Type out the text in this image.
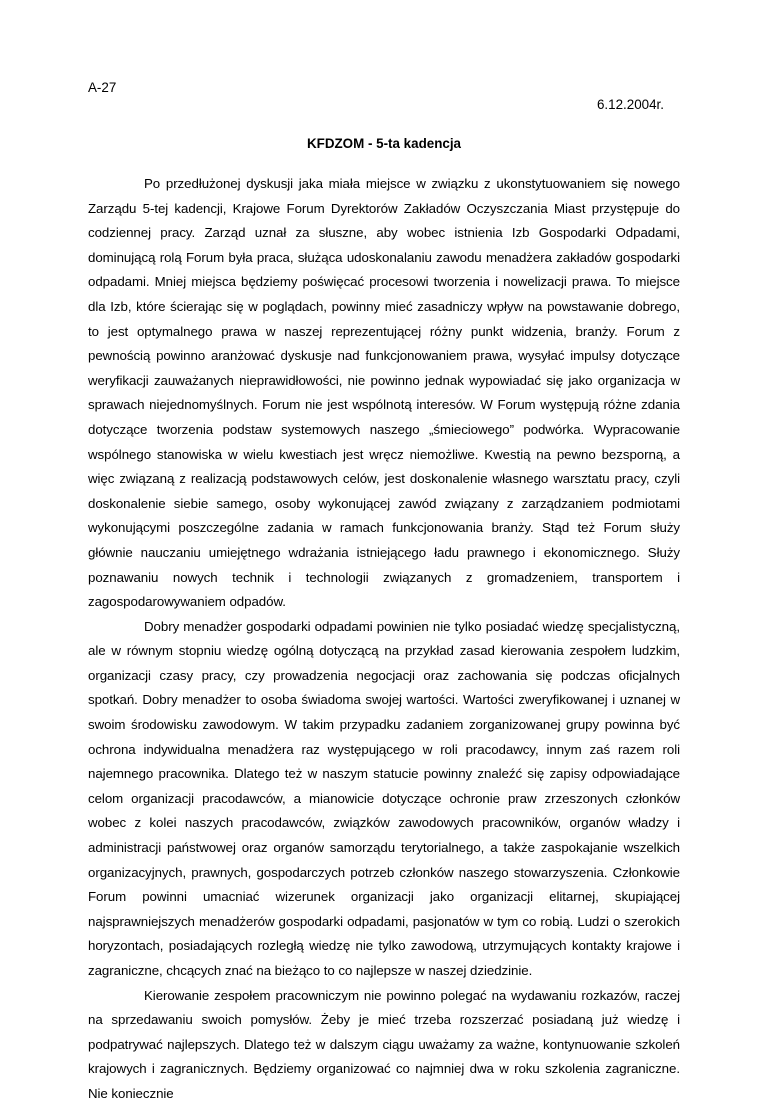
A-27
6.12.2004r.
KFDZOM - 5-ta kadencja

Po przedłużonej dyskusji jaka miała miejsce w związku z ukonstytuowaniem się nowego Zarządu 5-tej kadencji, Krajowe Forum Dyrektorów Zakładów Oczyszczania Miast przystępuje do codziennej pracy. Zarząd uznał za słuszne, aby wobec istnienia Izb Gospodarki Odpadami, dominującą rolą Forum była praca, służąca udoskonalaniu zawodu menadżera zakładów gospodarki odpadami. Mniej miejsca będziemy poświęcać procesowi tworzenia i nowelizacji prawa. To miejsce dla Izb, które ścierając się w poglądach, powinny mieć zasadniczy wpływ na powstawanie dobrego, to jest optymalnego prawa w naszej reprezentującej różny punkt widzenia, branży. Forum z pewnością powinno aranżować dyskusje nad funkcjonowaniem prawa, wysyłać impulsy dotyczące weryfikacji zauważanych nieprawidłowości, nie powinno jednak wypowiadać się jako organizacja w sprawach niejednomyślnych. Forum nie jest wspólnotą interesów. W Forum występują różne zdania dotyczące tworzenia podstaw systemowych naszego „śmieciowego” podwórka. Wypracowanie wspólnego stanowiska w wielu kwestiach jest wręcz niemożliwe. Kwestią na pewno bezsporną, a więc związaną z realizacją podstawowych celów, jest doskonalenie własnego warsztatu pracy, czyli doskonalenie siebie samego, osoby wykonującej zawód związany z zarządzaniem podmiotami wykonującymi poszczególne zadania w ramach funkcjonowania branży. Stąd też Forum służy głównie nauczaniu umiejętnego wdrażania istniejącego ładu prawnego i ekonomicznego. Służy poznawaniu nowych technik i technologii związanych z gromadzeniem, transportem i zagospodarowywaniem odpadów.

Dobry menadżer gospodarki odpadami powinien nie tylko posiadać wiedzę specjalistyczną, ale w równym stopniu wiedzę ogólną dotyczącą na przykład zasad kierowania zespołem ludzkim, organizacji czasy pracy, czy prowadzenia negocjacji oraz zachowania się podczas oficjalnych spotkań. Dobry menadżer to osoba świadoma swojej wartości. Wartości zweryfikowanej i uznanej w swoim środowisku zawodowym. W takim przypadku zadaniem zorganizowanej grupy powinna być ochrona indywidualna menadżera raz występującego w roli pracodawcy, innym zaś razem roli najemnego pracownika. Dlatego też w naszym statucie powinny znaleźć się zapisy odpowiadające celom organizacji pracodawców, a mianowicie dotyczące ochronie praw zrzeszonych członków wobec z kolei naszych pracodawców, związków zawodowych pracowników, organów władzy i administracji państwowej oraz organów samorządu terytorialnego, a także zaspokajanie wszelkich organizacyjnych, prawnych, gospodarczych potrzeb członków naszego stowarzyszenia. Członkowie Forum powinni umacniać wizerunek organizacji jako organizacji elitarnej, skupiającej najsprawniejszych menadżerów gospodarki odpadami, pasjonatów w tym co robią. Ludzi o szerokich horyzontach, posiadających rozległą wiedzę nie tylko zawodową, utrzymujących kontakty krajowe i zagraniczne, chcących znać na bieżąco to co najlepsze w naszej dziedzinie.

Kierowanie zespołem pracowniczym nie powinno polegać na wydawaniu rozkazów, raczej na sprzedawaniu swoich pomysłów. Żeby je mieć trzeba rozszerzać posiadaną już wiedzę i podpatrywać najlepszych. Dlatego też w dalszym ciągu uważamy za ważne, kontynuowanie szkoleń krajowych i zagranicznych. Będziemy organizować co najmniej dwa w roku szkolenia zagraniczne. Nie koniecznie
